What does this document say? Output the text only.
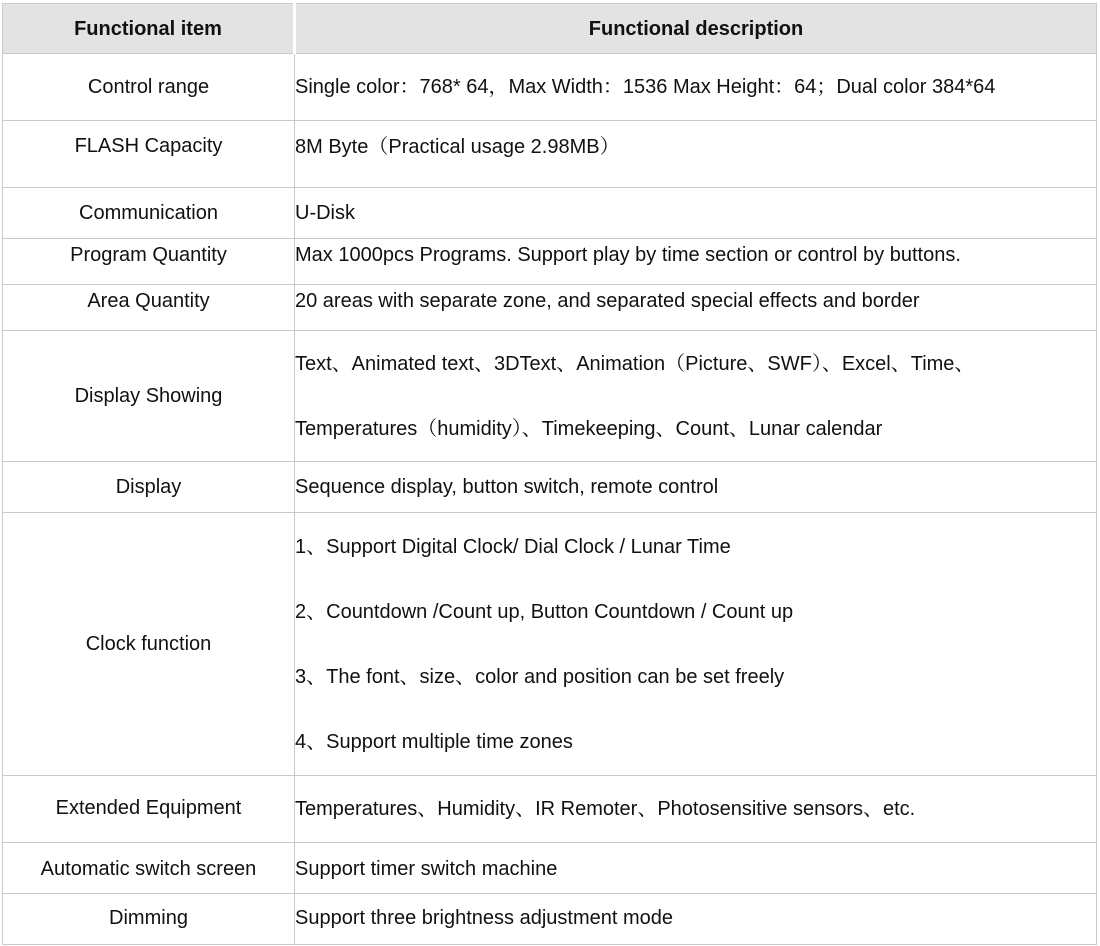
Functional item	Functional description

Control range	Single color：768* 64，Max Width：1536 Max Height：64；Dual color 384*64

FLASH Capacity	8M Byte（Practical usage 2.98MB）

Communication	U-Disk

Program Quantity	Max 1000pcs Programs. Support play by time section or control by buttons.

Area Quantity	20 areas with separate zone, and separated special effects and border

Display Showing	Text、Animated text、3DText、Animation（Picture、SWF）、Excel、Time、
Temperatures（humidity）、Timekeeping、Count、Lunar calendar

Display	Sequence display, button switch, remote control

Clock function	1、Support Digital Clock/ Dial Clock / Lunar Time
2、Countdown /Count up, Button Countdown / Count up
3、The font、size、color and position can be set freely
4、Support multiple time zones

Extended Equipment	Temperatures、Humidity、IR Remoter、Photosensitive sensors、etc.

Automatic switch screen	Support timer switch machine

Dimming	Support three brightness adjustment mode
